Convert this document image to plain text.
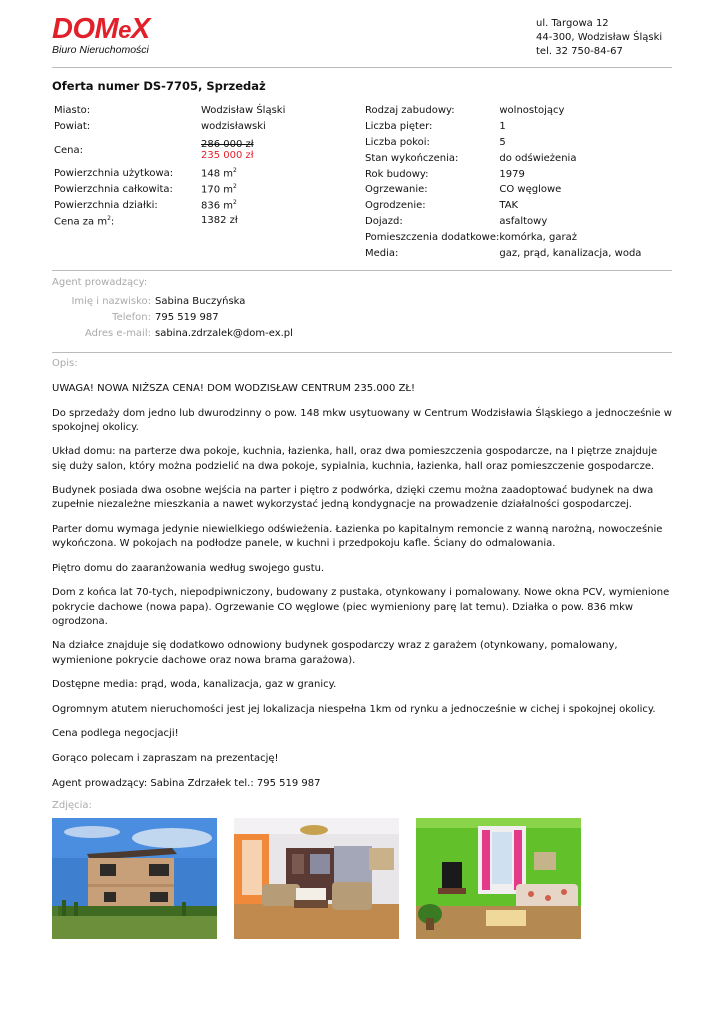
DOMeX
Biuro Nieruchomości
ul. Targowa 12
44-300, Wodzisław Śląski
tel. 32 750-84-67
Oferta numer DS-7705, Sprzedaż
Miasto:	Wodzisław Śląski
Powiat:	wodzisławski
Cena:	286 000 zł
235 000 zł

Powierzchnia użytkowa:	148 $m^2$
Powierzchnia całkowita:	170 $m^2$
Powierzchnia działki:	836 $m^2$
Cena za $m^2$:	1382 zł
Rodzaj zabudowy:	wolnostojący
Liczba pięter:	1
Liczba pokoi:	5
Stan wykończenia:	do odświeżenia
Rok budowy:	1979
Ogrzewanie:	CO węglowe
Ogrodzenie:	TAK
Dojazd:	asfaltowy
Pomieszczenia dodatkowe:	komórka, garaż
Media:	gaz, prąd, kanalizacja, woda
Agent prowadzący:
Imię i nazwisko: Sabina Buczyńska
Telefon: 795 519 987
Adres e-mail: sabina.zdrzalek@dom-ex.pl
Opis:

UWAGA! NOWA NIŻSZA CENA! DOM WODZISŁAW CENTRUM 235.000 ZŁ!

Do sprzedaży dom jedno lub dwurodzinny o pow. 148 mkw usytuowany w Centrum Wodzisławia Śląskiego a jednocześnie w spokojnej okolicy.

Układ domu: na parterze dwa pokoje, kuchnia, łazienka, hall, oraz dwa pomieszczenia gospodarcze, na I piętrze znajduje się duży salon, który można podzielić na dwa pokoje, sypialnia, kuchnia, łazienka, hall oraz pomieszczenie gospodarcze.

Budynek posiada dwa osobne wejścia na parter i piętro z podwórka, dzięki czemu można zaadoptować budynek na dwa zupełnie niezależne mieszkania a nawet wykorzystać jedną kondygnacje na prowadzenie działalności gospodarczej.

Parter domu wymaga jedynie niewielkiego odświeżenia. Łazienka po kapitalnym remoncie z wanną narożną, nowocześnie wykończona. W pokojach na podłodze panele, w kuchni i przedpokoju kafle. Ściany do odmalowania.

Piętro domu do zaaranżowania według swojego gustu.

Dom z końca lat 70-tych, niepodpiwniczony, budowany z pustaka, otynkowany i pomalowany. Nowe okna PCV, wymienione pokrycie dachowe (nowa papa). Ogrzewanie CO węglowe (piec wymieniony parę lat temu). Działka o pow. 836 mkw ogrodzona.

Na działce znajduje się dodatkowo odnowiony budynek gospodarczy wraz z garażem (otynkowany, pomalowany, wymienione pokrycie dachowe oraz nowa brama garażowa).

Dostępne media: prąd, woda, kanalizacja, gaz w granicy.

Ogromnym atutem nieruchomości jest jej lokalizacja niespełna 1km od rynku a jednocześnie w cichej i spokojnej okolicy.

Cena podlega negocjacji!

Gorąco polecam i zapraszam na prezentację!

Agent prowadzący: Sabina Zdrzałek tel.: 795 519 987

Zdjęcia:
